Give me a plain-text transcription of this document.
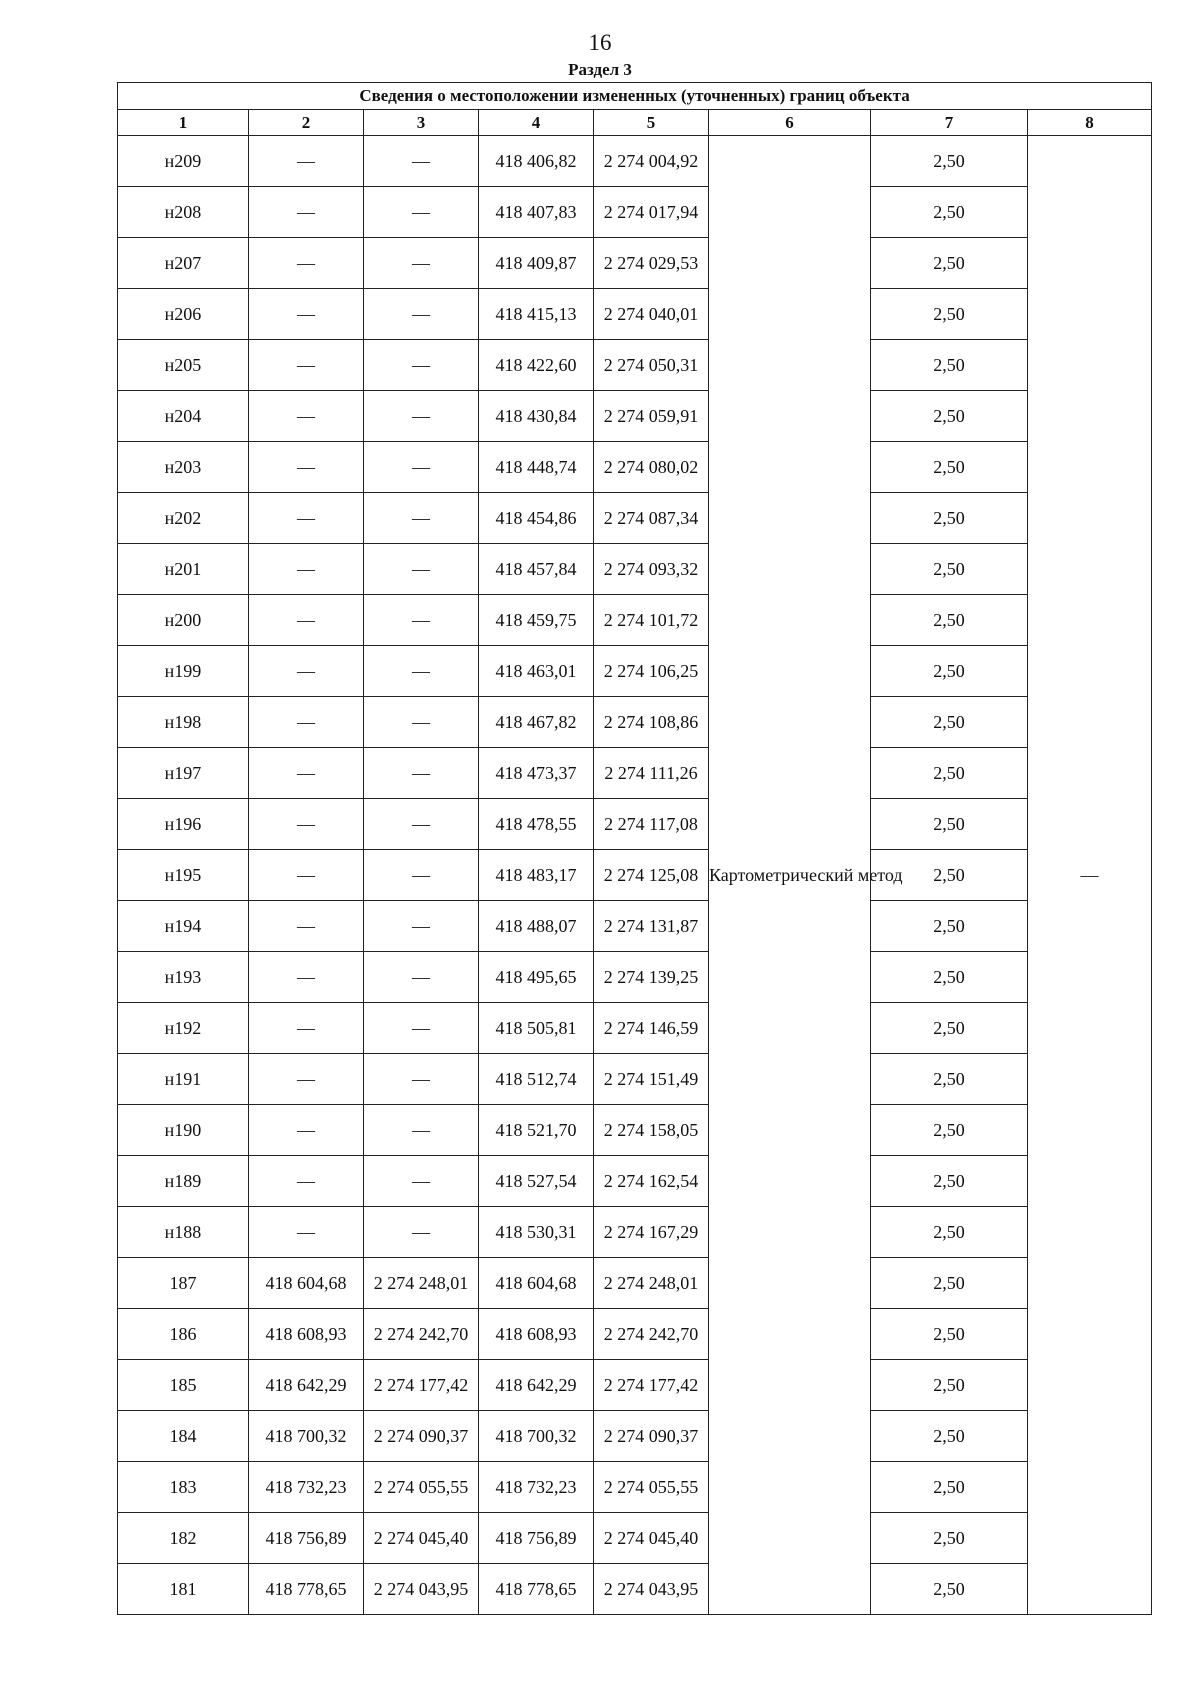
16
Раздел 3
Сведения о местоположении измененных (уточненных) границ объекта							
1	2	3	4	5	6	7	8
н209	—	—	418 406,82	2 274 004,92	Картометрический метод	2,50	—
н208	—	—	418 407,83	2 274 017,94		2,50	
н207	—	—	418 409,87	2 274 029,53		2,50	
н206	—	—	418 415,13	2 274 040,01		2,50	
н205	—	—	418 422,60	2 274 050,31		2,50	
н204	—	—	418 430,84	2 274 059,91		2,50	
н203	—	—	418 448,74	2 274 080,02		2,50	
н202	—	—	418 454,86	2 274 087,34		2,50	
н201	—	—	418 457,84	2 274 093,32		2,50	
н200	—	—	418 459,75	2 274 101,72		2,50	
н199	—	—	418 463,01	2 274 106,25		2,50	
н198	—	—	418 467,82	2 274 108,86		2,50	
н197	—	—	418 473,37	2 274 111,26		2,50	
н196	—	—	418 478,55	2 274 117,08		2,50	
н195	—	—	418 483,17	2 274 125,08		2,50	
н194	—	—	418 488,07	2 274 131,87		2,50	
н193	—	—	418 495,65	2 274 139,25		2,50	
н192	—	—	418 505,81	2 274 146,59		2,50	
н191	—	—	418 512,74	2 274 151,49		2,50	
н190	—	—	418 521,70	2 274 158,05		2,50	
н189	—	—	418 527,54	2 274 162,54		2,50	
н188	—	—	418 530,31	2 274 167,29		2,50	
187	418 604,68	2 274 248,01	418 604,68	2 274 248,01		2,50	
186	418 608,93	2 274 242,70	418 608,93	2 274 242,70		2,50	
185	418 642,29	2 274 177,42	418 642,29	2 274 177,42		2,50	
184	418 700,32	2 274 090,37	418 700,32	2 274 090,37		2,50	
183	418 732,23	2 274 055,55	418 732,23	2 274 055,55		2,50	
182	418 756,89	2 274 045,40	418 756,89	2 274 045,40		2,50	
181	418 778,65	2 274 043,95	418 778,65	2 274 043,95		2,50	
